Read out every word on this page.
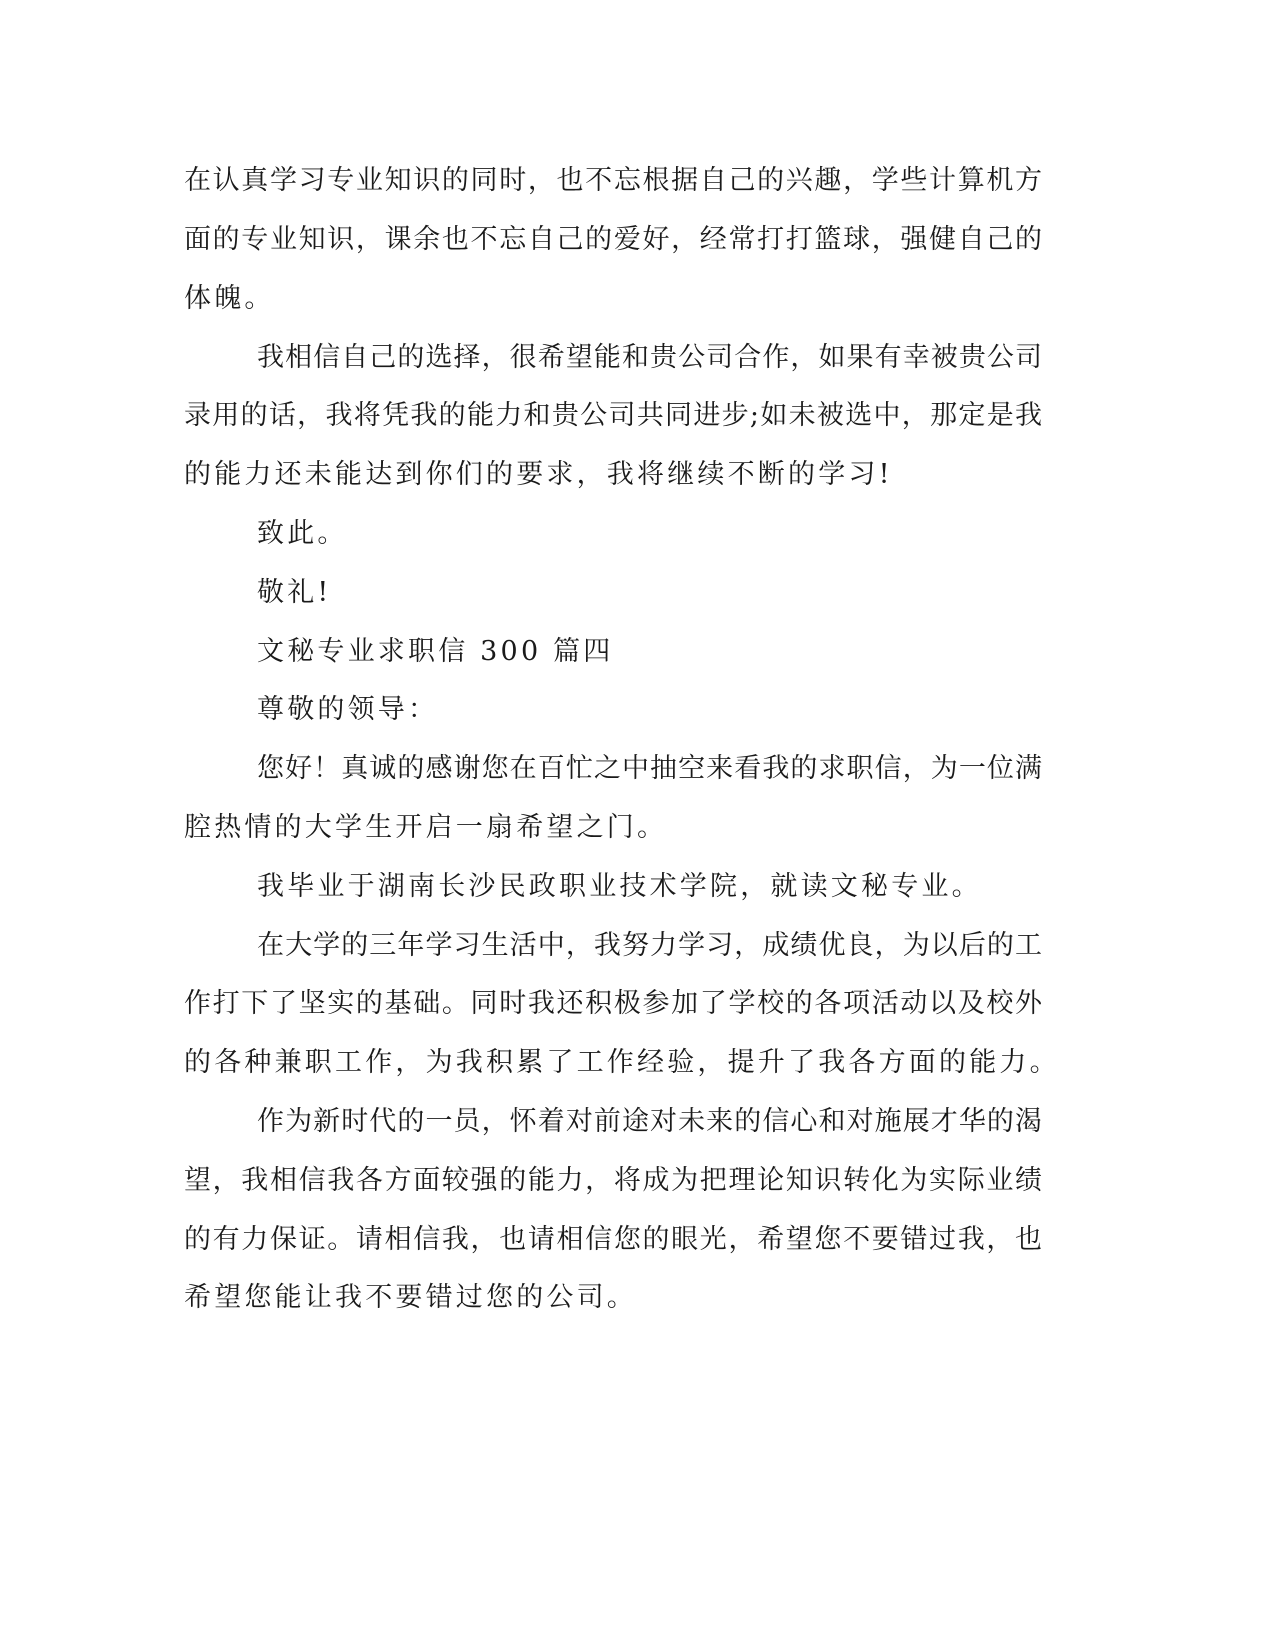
在认真学习专业知识的同时，也不忘根据自己的兴趣，学些计算机方
面的专业知识，课余也不忘自己的爱好，经常打打篮球，强健自己的
体魄。
我相信自己的选择，很希望能和贵公司合作，如果有幸被贵公司
录用的话，我将凭我的能力和贵公司共同进步;如未被选中，那定是我
的能力还未能达到你们的要求，我将继续不断的学习!
致此。
敬礼!
文秘专业求职信 300 篇四
尊敬的领导：
您好！真诚的感谢您在百忙之中抽空来看我的求职信，为一位满
腔热情的大学生开启一扇希望之门。
我毕业于湖南长沙民政职业技术学院，就读文秘专业。
在大学的三年学习生活中，我努力学习，成绩优良，为以后的工
作打下了坚实的基础。同时我还积极参加了学校的各项活动以及校外
的各种兼职工作，为我积累了工作经验，提升了我各方面的能力。
作为新时代的一员，怀着对前途对未来的信心和对施展才华的渴
望，我相信我各方面较强的能力，将成为把理论知识转化为实际业绩
的有力保证。请相信我，也请相信您的眼光，希望您不要错过我，也
希望您能让我不要错过您的公司。
